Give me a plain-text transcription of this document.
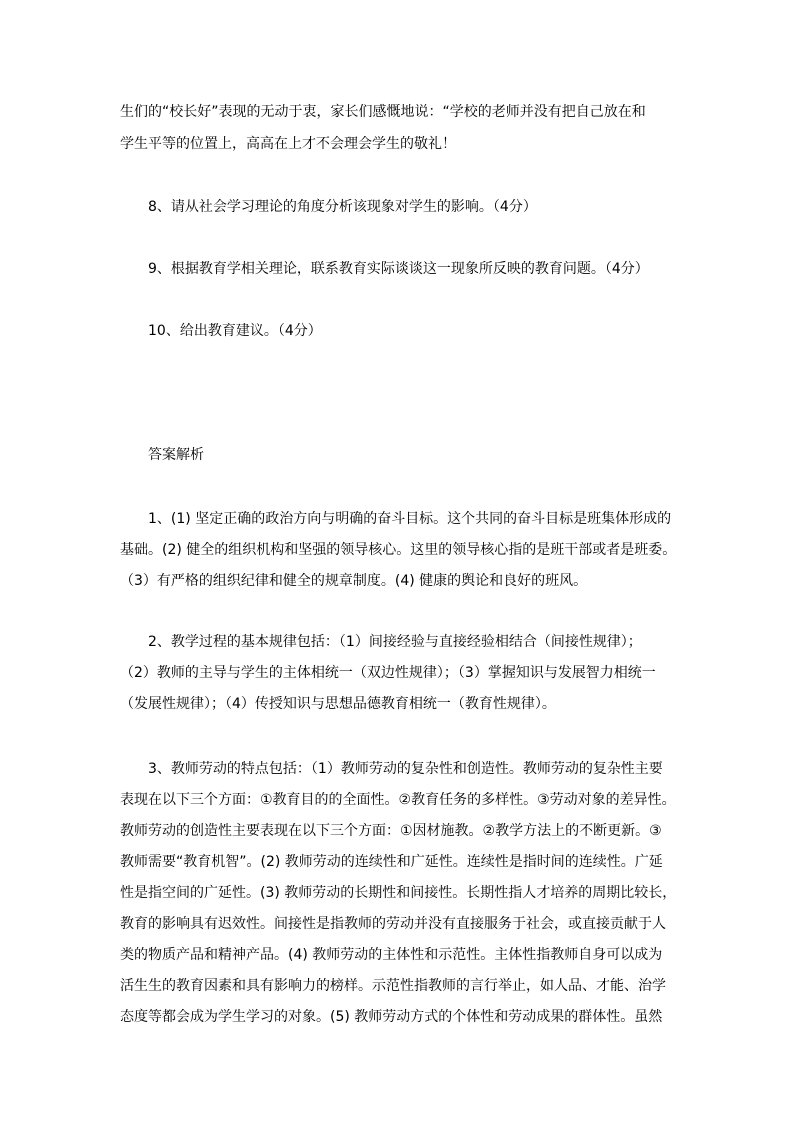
生们的“校长好”表现的无动于衷，家长们感慨地说：“学校的老师并没有把自己放在和
学生平等的位置上，高高在上才不会理会学生的敬礼！
8、请从社会学习理论的角度分析该现象对学生的影响。（4分）
9、根据教育学相关理论，联系教育实际谈谈这一现象所反映的教育问题。（4分）
10、给出教育建议。（4分）
答案解析
1、(1) 坚定正确的政治方向与明确的奋斗目标。这个共同的奋斗目标是班集体形成的
基础。(2) 健全的组织机构和坚强的领导核心。这里的领导核心指的是班干部或者是班委。
（3）有严格的组织纪律和健全的规章制度。(4) 健康的舆论和良好的班风。
2、教学过程的基本规律包括：（1）间接经验与直接经验相结合（间接性规律）；
（2）教师的主导与学生的主体相统一（双边性规律）；（3）掌握知识与发展智力相统一
（发展性规律）；（4）传授知识与思想品德教育相统一（教育性规律）。
3、教师劳动的特点包括：（1）教师劳动的复杂性和创造性。教师劳动的复杂性主要
表现在以下三个方面：①教育目的的全面性。②教育任务的多样性。③劳动对象的差异性。
教师劳动的创造性主要表现在以下三个方面：①因材施教。②教学方法上的不断更新。③
教师需要“教育机智”。(2) 教师劳动的连续性和广延性。连续性是指时间的连续性。广延
性是指空间的广延性。(3) 教师劳动的长期性和间接性。长期性指人才培养的周期比较长，
教育的影响具有迟效性。间接性是指教师的劳动并没有直接服务于社会，或直接贡献于人
类的物质产品和精神产品。(4) 教师劳动的主体性和示范性。主体性指教师自身可以成为
活生生的教育因素和具有影响力的榜样。示范性指教师的言行举止，如人品、才能、治学
态度等都会成为学生学习的对象。(5) 教师劳动方式的个体性和劳动成果的群体性。虽然
